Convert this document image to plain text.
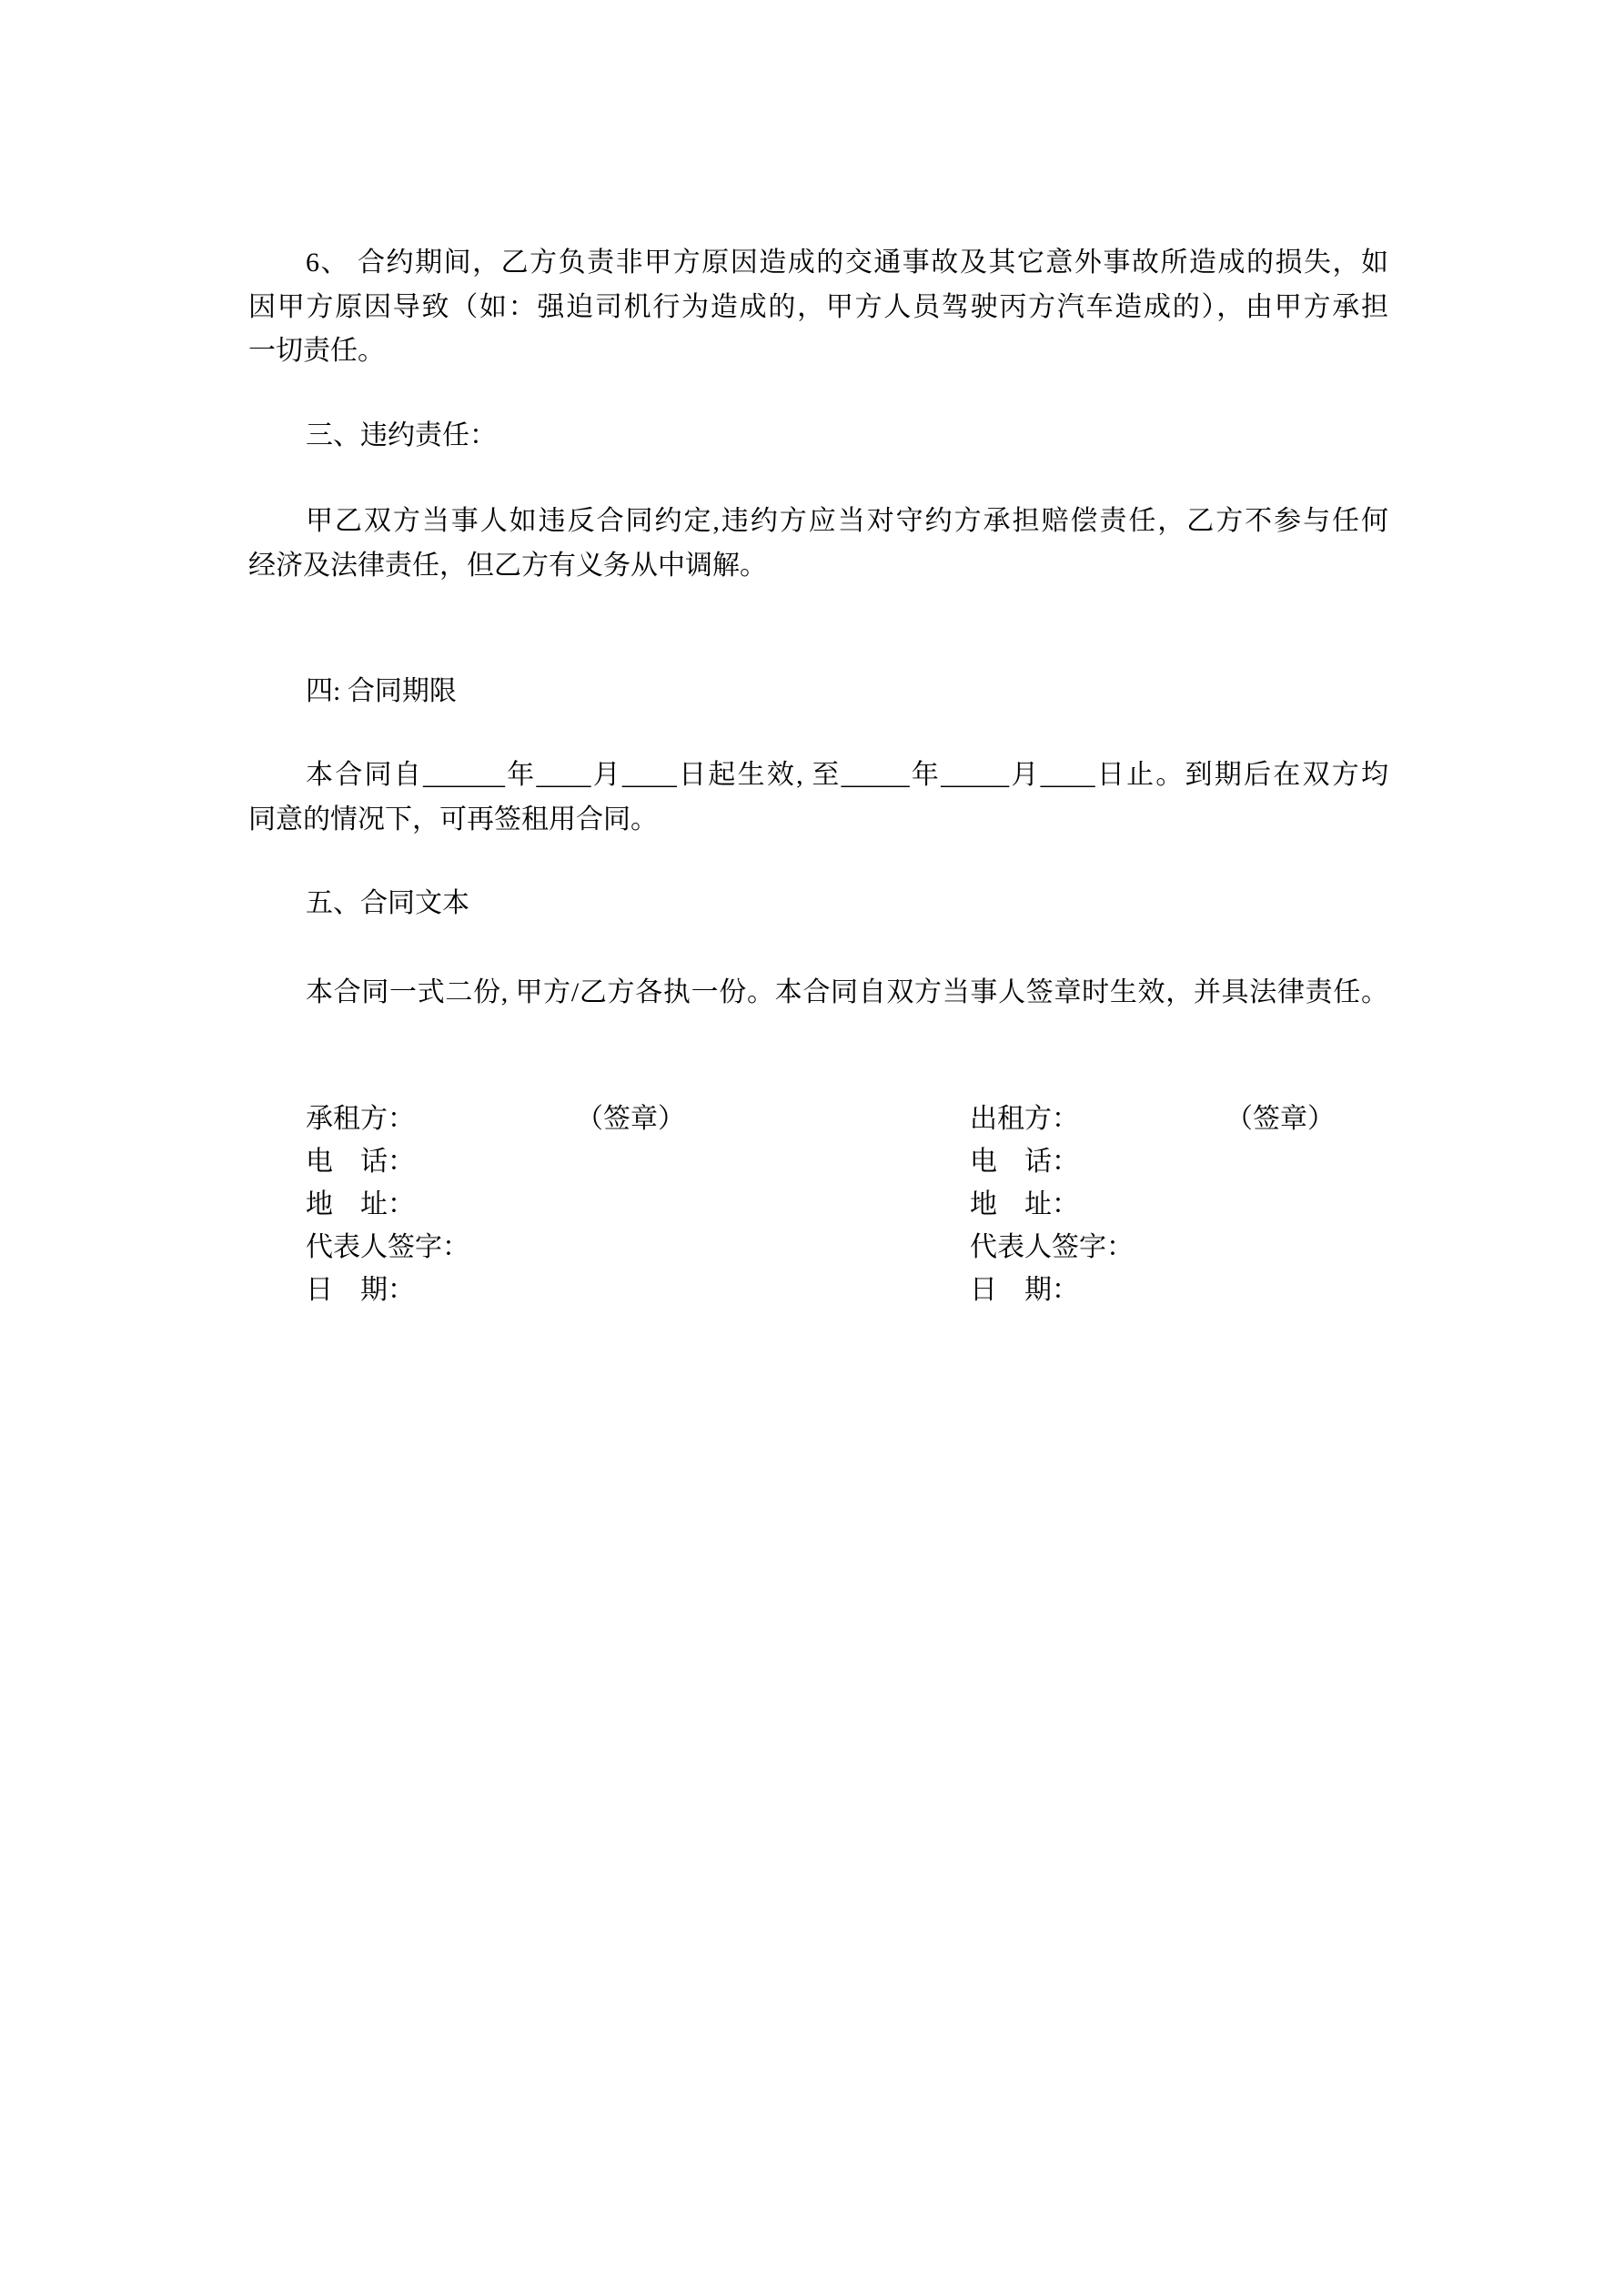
6、 合约期间，乙方负责非甲方原因造成的交通事故及其它意外事故所造成的损失，如
因甲方原因导致（如：强迫司机行为造成的，甲方人员驾驶丙方汽车造成的），由甲方承担
一切责任。
三、违约责任：
甲乙双方当事人如违反合同约定,违约方应当对守约方承担赔偿责任，乙方不参与任何
经济及法律责任，但乙方有义务从中调解。
四: 合同期限
本合同自______年____月____日起生效, 至_____年_____月____日止。到期后在双方均
同意的情况下，可再签租用合同。
五、合同文本
本合同一式二份, 甲方/乙方各执一份。本合同自双方当事人签章时生效，并具法律责任。
承租方：	（签章）
电　话：
地　址：
代表人签字：
日　期：
出租方：	（签章）
电　话：
地　址：
代表人签字：
日　期：
